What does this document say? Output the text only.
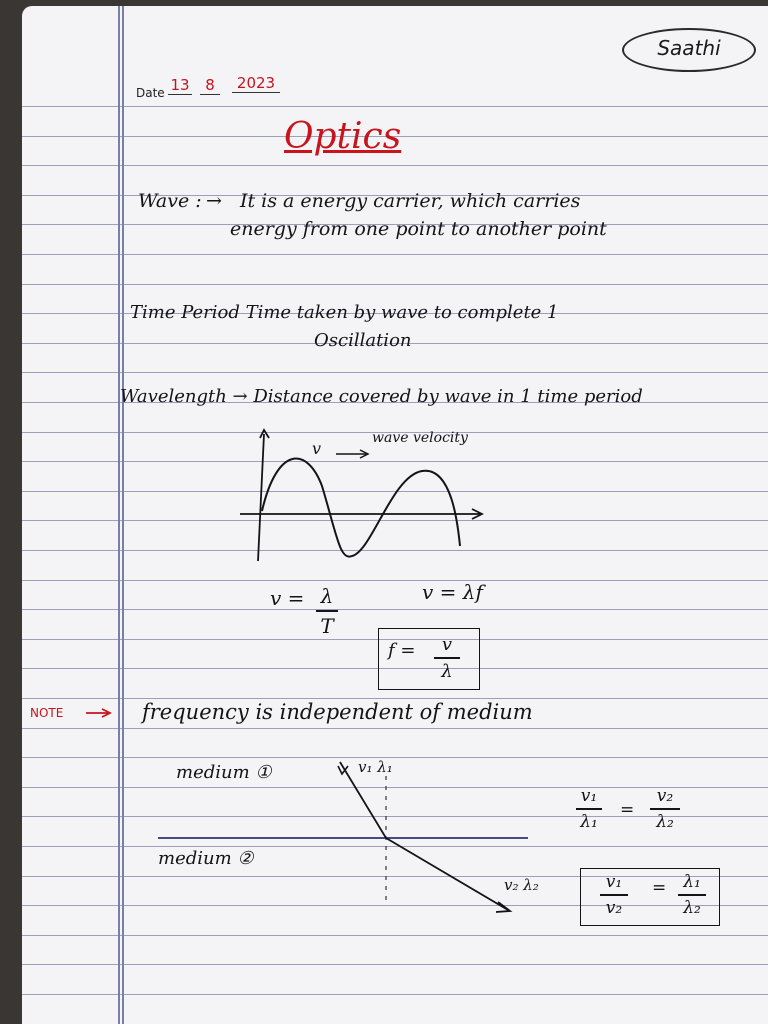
Saathi
Date 13	8	2023
Optics
Wave : → It is a energy carrier, which carries
energy from one point to another point
Time Period Time taken by wave to complete 1
Oscillation
Wavelength → Distance covered by wave in 1 time period
v
wave velocity
v = λ
T
v = λf
f = v
λ
NOTE	frequency is independent of medium
medium ①	v₁ λ₁
medium ②
v₂ λ₂
v₁
λ₁
=
v₂
λ₂
v₁
v₂
= λ₁
λ₂
